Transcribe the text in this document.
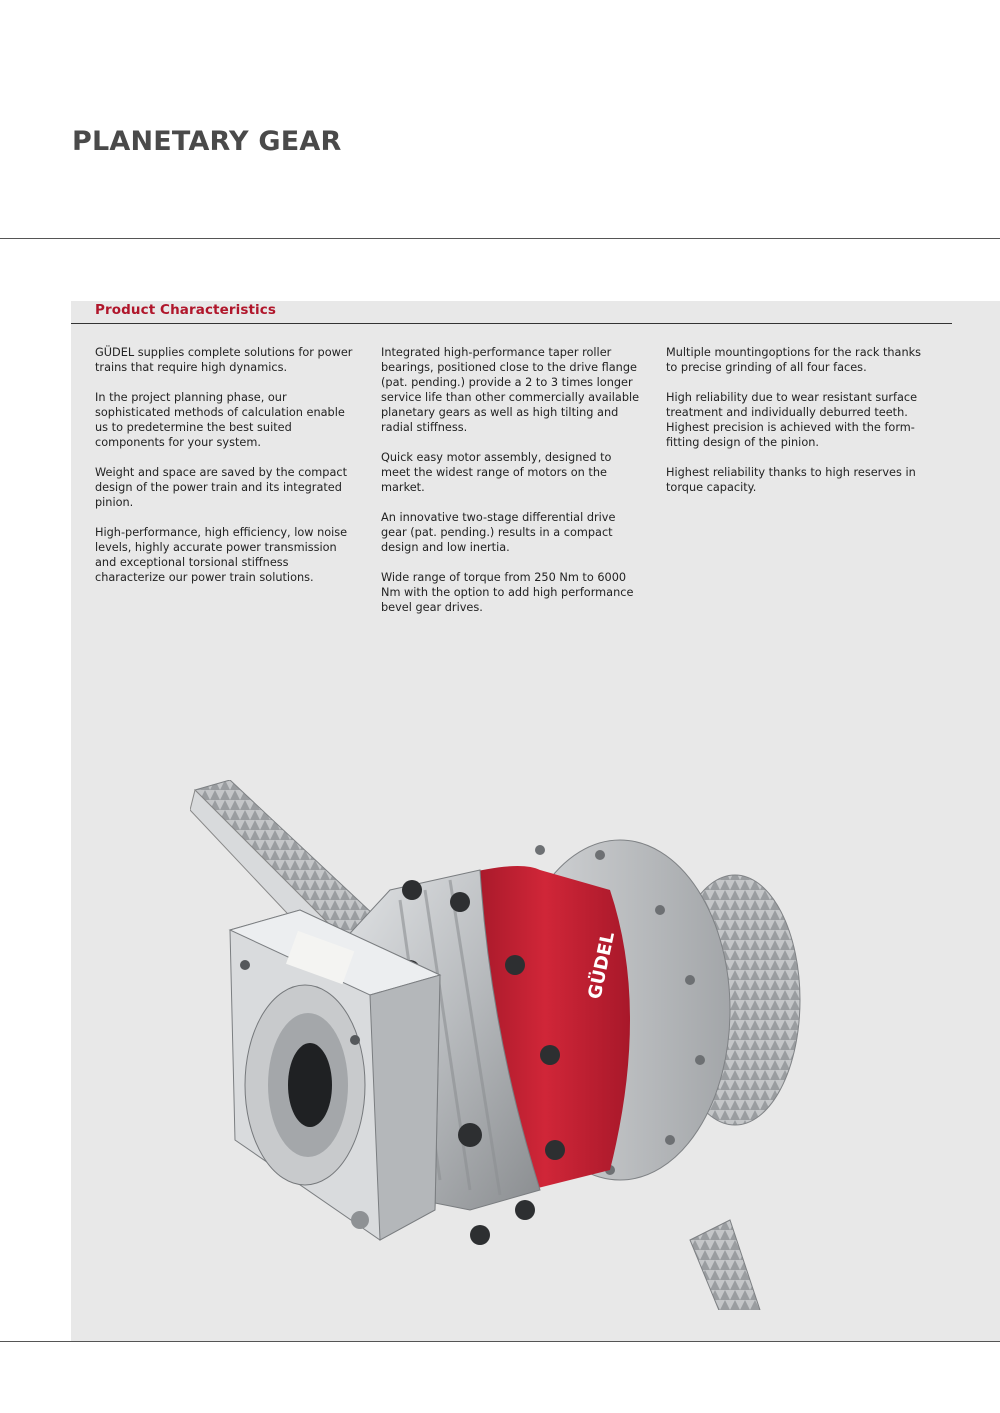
PLANETARY GEAR
Product Characteristics

GÜDEL supplies complete solutions for power trains that require high dynamics.

In the project planning phase, our sophisticated methods of calculation enable us to predetermine the best suited components for your system.

Weight and space are saved by the compact design of the power train and its integrated pinion.

High-performance, high efficiency, low noise levels, highly accurate power transmission and exceptional torsional stiffness characterize our power train solutions.

Integrated high-performance taper roller bearings, positioned close to the drive flange (pat. pending.) provide a 2 to 3 times longer service life than other commercially available planetary gears as well as high tilting and radial stiffness.

Quick easy motor assembly, designed to meet the widest range of motors on the market.

An innovative two-stage differential drive gear (pat. pending.) results in a compact design and low inertia.

Wide range of torque from 250 Nm to 6000 Nm with the option to add high performance bevel gear drives.

Multiple mountingoptions for the rack thanks to precise grinding of all four faces.

High reliability due to wear resistant surface treatment and individually deburred teeth. Highest precision is achieved with the form-fitting design of the pinion.

Highest reliability thanks to high reserves in torque capacity.

GÜDEL
